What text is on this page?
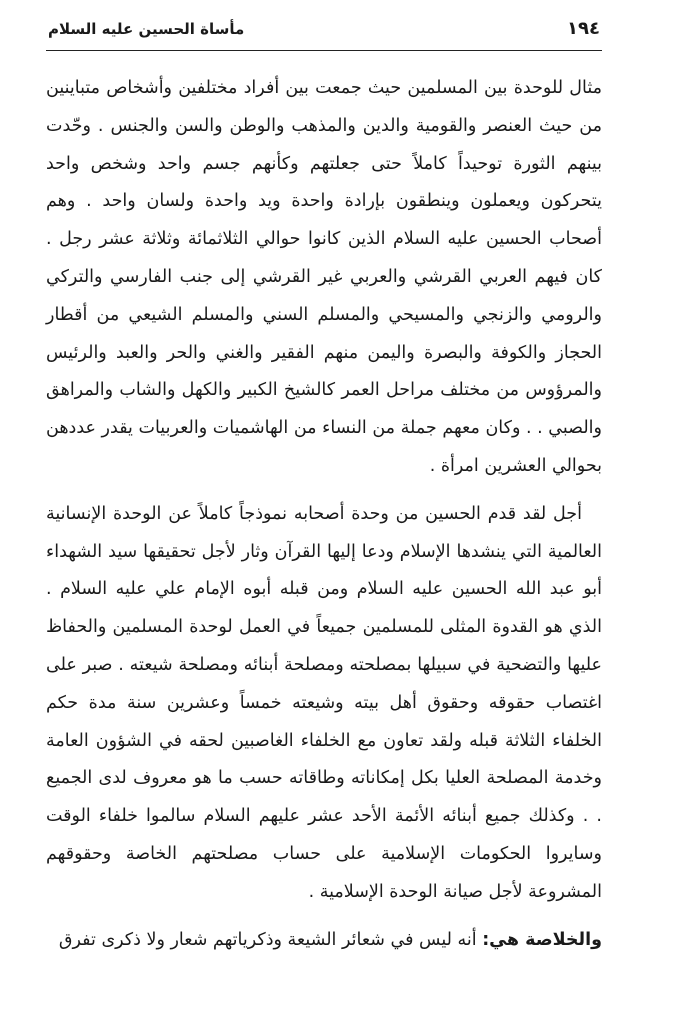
١٩٤
مأساة الحسين عليه السلام

مثال للوحدة بين المسلمين حيث جمعت بين أفراد مختلفين وأشخاص متباينين من حيث العنصر والقومية والدين والمذهب والوطن والسن والجنس . وحّدت بينهم الثورة توحيداً كاملاً حتى جعلتهم وكأنهم جسم واحد وشخص واحد يتحركون ويعملون وينطقون بإرادة واحدة ويد واحدة ولسان واحد . وهم أصحاب الحسين عليه السلام الذين كانوا حوالي الثلاثمائة وثلاثة عشر رجل . كان فيهم العربي القرشي والعربي غير القرشي إلى جنب الفارسي والتركي والرومي والزنجي والمسيحي والمسلم السني والمسلم الشيعي من أقطار الحجاز والكوفة والبصرة واليمن منهم الفقير والغني والحر والعبد والرئيس والمرؤوس من مختلف مراحل العمر كالشيخ الكبير والكهل والشاب والمراهق والصبي . . وكان معهم جملة من النساء من الهاشميات والعربيات يقدر عددهن بحوالي العشرين امرأة .

أجل لقد قدم الحسين من وحدة أصحابه نموذجاً كاملاً عن الوحدة الإنسانية العالمية التي ينشدها الإسلام ودعا إليها القرآن وثار لأجل تحقيقها سيد الشهداء أبو عبد الله الحسين عليه السلام ومن قبله أبوه الإمام علي عليه السلام . الذي هو القدوة المثلى للمسلمين جميعاً في العمل لوحدة المسلمين والحفاظ عليها والتضحية في سبيلها بمصلحته ومصلحة أبنائه ومصلحة شيعته . صبر على اغتصاب حقوقه وحقوق أهل بيته وشيعته خمساً وعشرين سنة مدة حكم الخلفاء الثلاثة قبله ولقد تعاون مع الخلفاء الغاصبين لحقه في الشؤون العامة وخدمة المصلحة العليا بكل إمكاناته وطاقاته حسب ما هو معروف لدى الجميع . . وكذلك جميع أبنائه الأئمة الأحد عشر عليهم السلام سالموا خلفاء الوقت وسايروا الحكومات الإسلامية على حساب مصلحتهم الخاصة وحقوقهم المشروعة لأجل صيانة الوحدة الإسلامية .

والخلاصة هي: أنه ليس في شعائر الشيعة وذكرياتهم شعار ولا ذكرى تفرق
